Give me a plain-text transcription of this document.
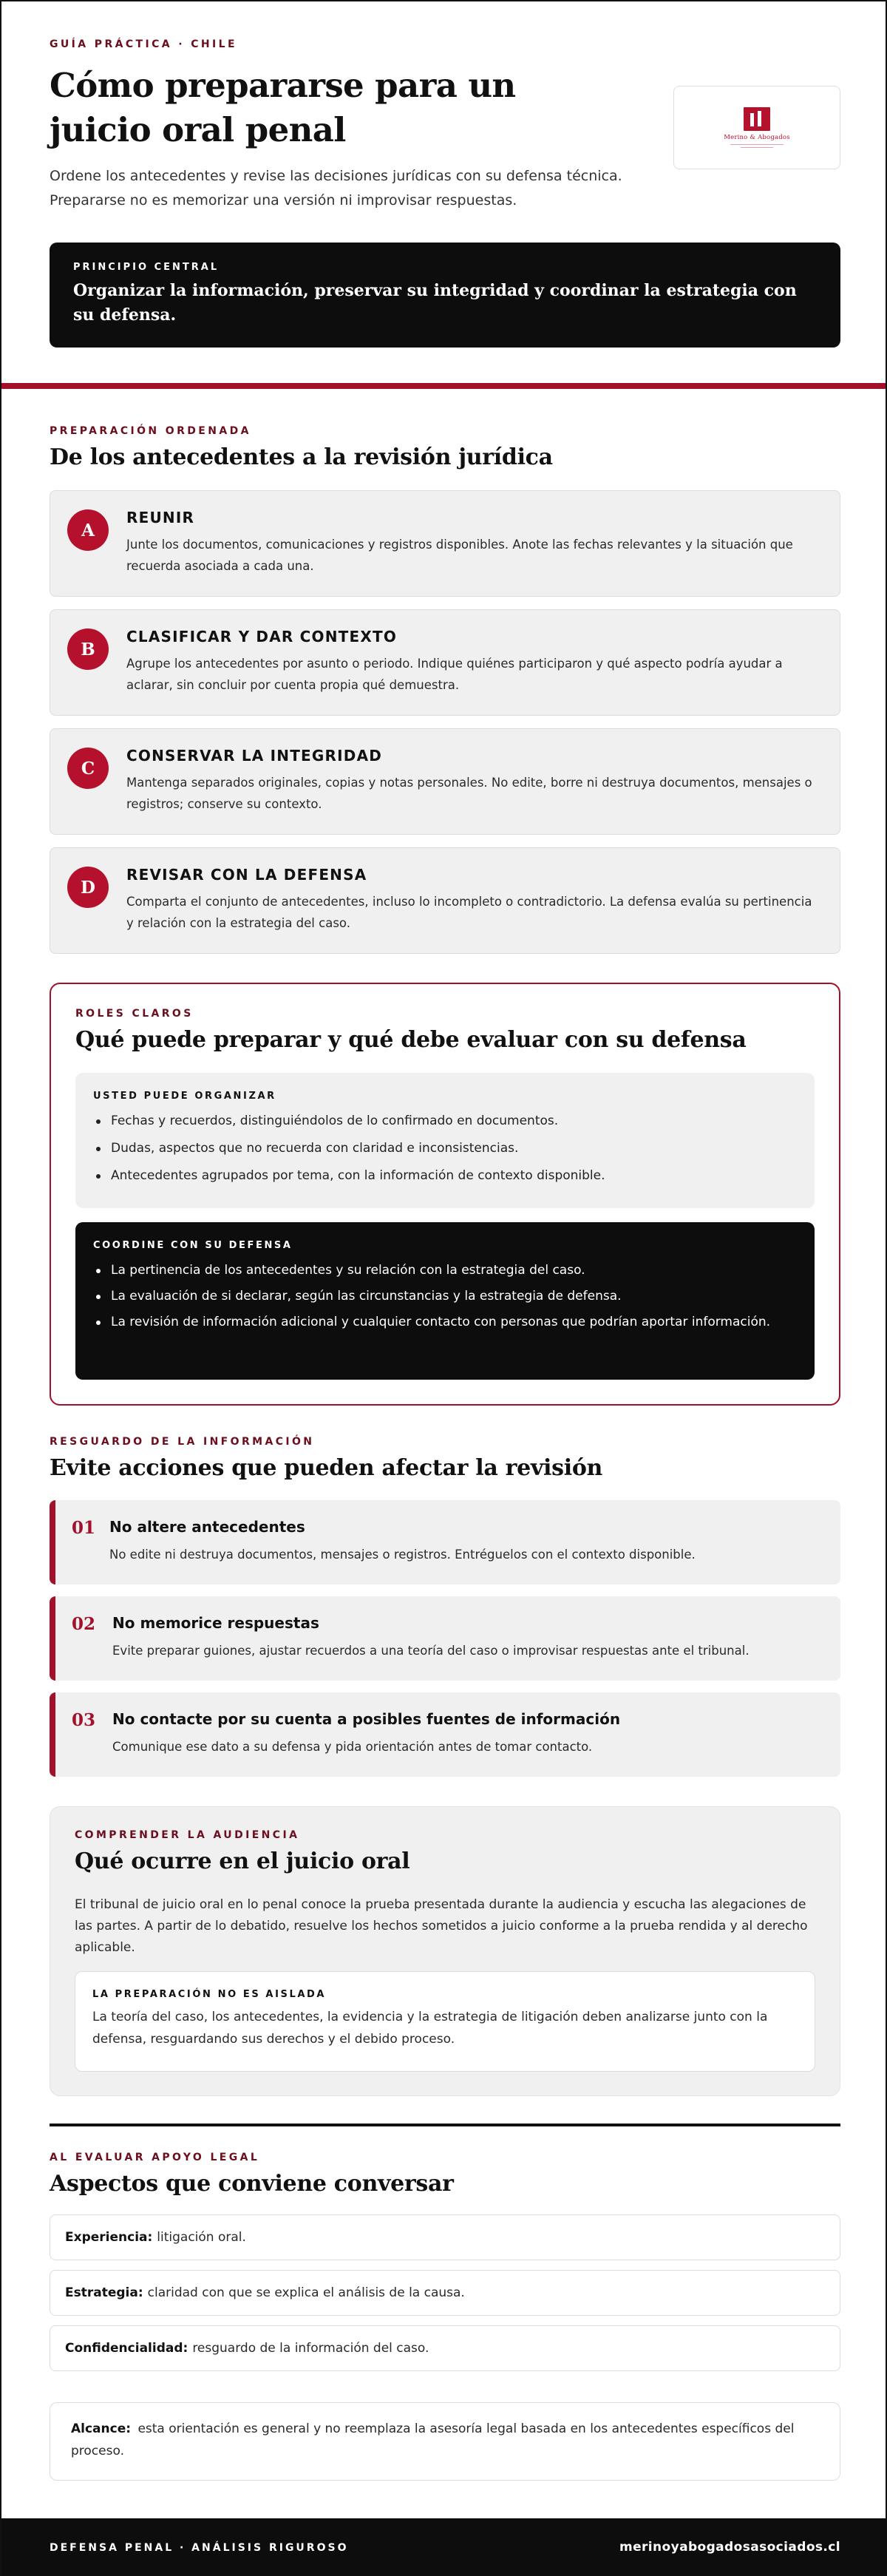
GUÍA PRÁCTICA · CHILE
Cómo prepararse para un juicio oral penal

Ordene los antecedentes y revise las decisiones jurídicas con su defensa técnica. Prepararse no es memorizar una versión ni improvisar respuestas.

Merino & Abogados
PRINCIPIO CENTRAL
Organizar la información, preservar su integridad y coordinar la estrategia con su defensa.
PREPARACIÓN ORDENADA
De los antecedentes a la revisión jurídica
A
REUNIR
Junte los documentos, comunicaciones y registros disponibles. Anote las fechas relevantes y la situación que recuerda asociada a cada una.
B
CLASIFICAR Y DAR CONTEXTO
Agrupe los antecedentes por asunto o periodo. Indique quiénes participaron y qué aspecto podría ayudar a aclarar, sin concluir por cuenta propia qué demuestra.
C
CONSERVAR LA INTEGRIDAD
Mantenga separados originales, copias y notas personales. No edite, borre ni destruya documentos, mensajes o registros; conserve su contexto.
D
REVISAR CON LA DEFENSA
Comparta el conjunto de antecedentes, incluso lo incompleto o contradictorio. La defensa evalúa su pertinencia y relación con la estrategia del caso.
ROLES CLAROS
Qué puede preparar y qué debe evaluar con su defensa
USTED PUEDE ORGANIZAR
Fechas y recuerdos, distinguiéndolos de lo confirmado en documentos.
Dudas, aspectos que no recuerda con claridad e inconsistencias.
Antecedentes agrupados por tema, con la información de contexto disponible.
COORDINE CON SU DEFENSA
La pertinencia de los antecedentes y su relación con la estrategia del caso.
La evaluación de si declarar, según las circunstancias y la estrategia de defensa.
La revisión de información adicional y cualquier contacto con personas que podrían aportar información.
RESGUARDO DE LA INFORMACIÓN
Evite acciones que pueden afectar la revisión
01 No altere antecedentes
No edite ni destruya documentos, mensajes o registros. Entréguelos con el contexto disponible.
02 No memorice respuestas
Evite preparar guiones, ajustar recuerdos a una teoría del caso o improvisar respuestas ante el tribunal.
03 No contacte por su cuenta a posibles fuentes de información
Comunique ese dato a su defensa y pida orientación antes de tomar contacto.
COMPRENDER LA AUDIENCIA
Qué ocurre en el juicio oral
El tribunal de juicio oral en lo penal conoce la prueba presentada durante la audiencia y escucha las alegaciones de las partes. A partir de lo debatido, resuelve los hechos sometidos a juicio conforme a la prueba rendida y al derecho aplicable.
LA PREPARACIÓN NO ES AISLADA
La teoría del caso, los antecedentes, la evidencia y la estrategia de litigación deben analizarse junto con la defensa, resguardando sus derechos y el debido proceso.
AL EVALUAR APOYO LEGAL
Aspectos que conviene conversar
Experiencia: litigación oral.
Estrategia: claridad con que se explica el análisis de la causa.
Confidencialidad: resguardo de la información del caso.
Alcance: esta orientación es general y no reemplaza la asesoría legal basada en los antecedentes específicos del proceso.
DEFENSA PENAL · ANÁLISIS RIGUROSO	merinoyabogadosasociados.cl
